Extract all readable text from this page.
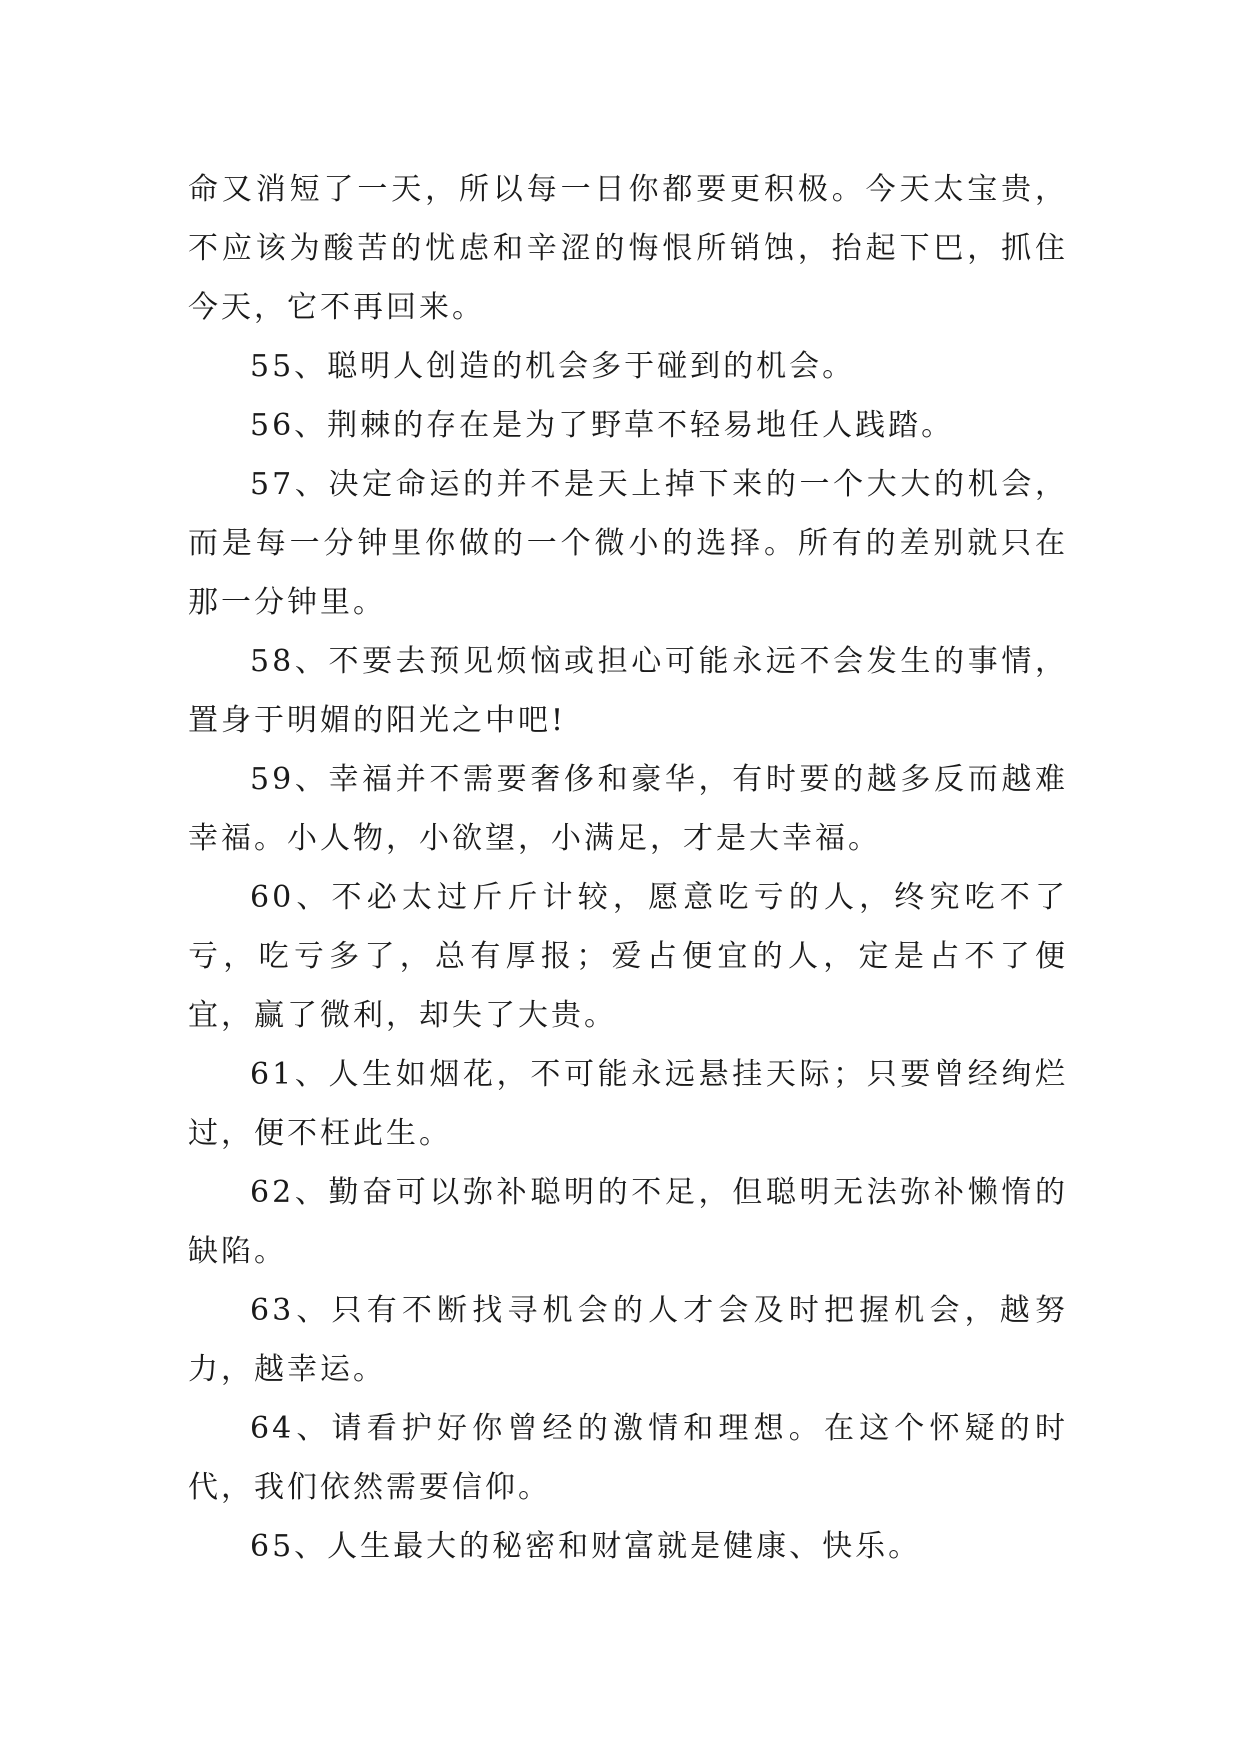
命又消短了一天，所以每一日你都要更积极。今天太宝贵，不应该为酸苦的忧虑和辛涩的悔恨所销蚀，抬起下巴，抓住今天，它不再回来。

55、聪明人创造的机会多于碰到的机会。

56、荆棘的存在是为了野草不轻易地任人践踏。

57、决定命运的并不是天上掉下来的一个大大的机会，而是每一分钟里你做的一个微小的选择。所有的差别就只在那一分钟里。

58、不要去预见烦恼或担心可能永远不会发生的事情，置身于明媚的阳光之中吧!

59、幸福并不需要奢侈和豪华，有时要的越多反而越难幸福。小人物，小欲望，小满足，才是大幸福。

60、不必太过斤斤计较，愿意吃亏的人，终究吃不了亏，吃亏多了，总有厚报；爱占便宜的人，定是占不了便宜，赢了微利，却失了大贵。

61、人生如烟花，不可能永远悬挂天际；只要曾经绚烂过，便不枉此生。

62、勤奋可以弥补聪明的不足，但聪明无法弥补懒惰的缺陷。

63、只有不断找寻机会的人才会及时把握机会，越努力，越幸运。

64、请看护好你曾经的激情和理想。在这个怀疑的时代，我们依然需要信仰。

65、人生最大的秘密和财富就是健康、快乐。
